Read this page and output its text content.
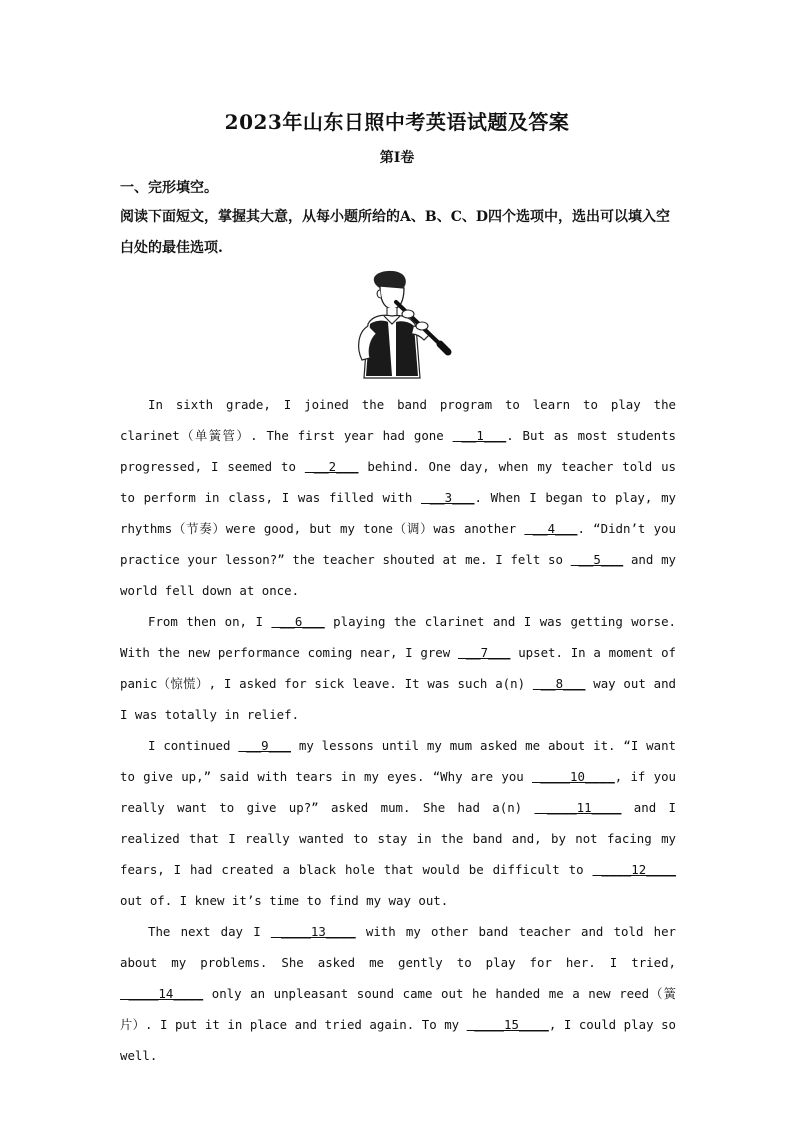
2023年山东日照中考英语试题及答案
第Ⅰ卷
一、完形填空。
阅读下面短文，掌握其大意，从每小题所给的A、B、C、D四个选项中，选出可以填入空白处的最佳选项.

In sixth grade, I joined the band program to learn to play the clarinet（单簧管）. The first year had gone  __1___. But as most students progressed, I seemed to  __2___ behind. One day, when my teacher told us to perform in class, I was filled with  __3___. When I began to play, my rhythms（节奏）were good, but my tone（调）was another  __4___. “Didn’t you practice your lesson?” the teacher shouted at me. I felt so  __5___ and my world fell down at once.

From then on, I  __6___ playing the clarinet and I was getting worse. With the new performance coming near, I grew  __7___ upset. In a moment of panic（惊慌）, I asked for sick leave. It was such a(n)  __8___ way out and I was totally in relief.

I continued  __9___ my lessons until my mum asked me about it. “I want to give up,” said with tears in my eyes. “Why are you  ____10____, if you really want to give up?” asked mum. She had a(n)  ____11____ and I realized that I really wanted to stay in the band and, by not facing my fears, I had created a black hole that would be difficult to  ____12____ out of. I knew it’s time to find my way out.

The next day I  ____13____ with my other band teacher and told her about my problems. She asked me gently to play for her. I tried,  ____14____ only an unpleasant sound came out he handed me a new reed（簧片）. I put it in place and tried again. To my  ____15____, I could play so well.
